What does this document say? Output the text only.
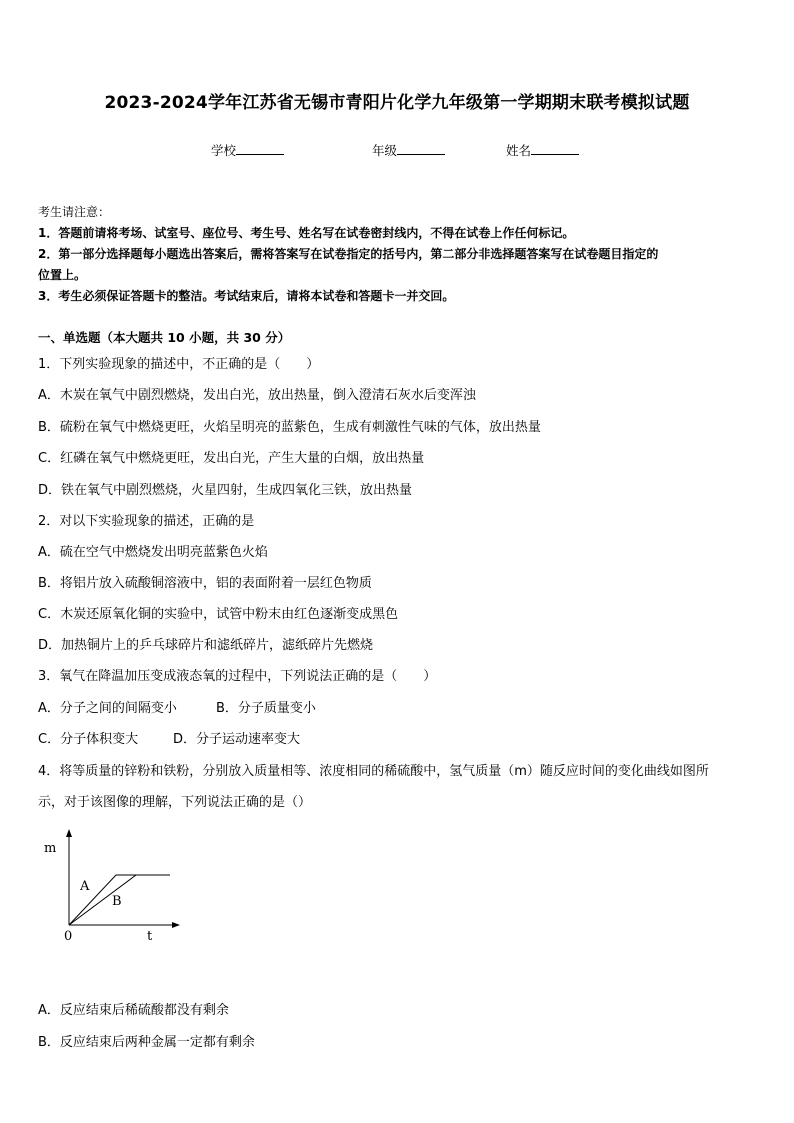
2023-2024学年江苏省无锡市青阳片化学九年级第一学期期末联考模拟试题
学校	年级	姓名
考生请注意：
1．答题前请将考场、试室号、座位号、考生号、姓名写在试卷密封线内，不得在试卷上作任何标记。
2．第一部分选择题每小题选出答案后，需将答案写在试卷指定的括号内，第二部分非选择题答案写在试卷题目指定的
位置上。
3．考生必须保证答题卡的整洁。考试结束后，请将本试卷和答题卡一并交回。
一、单选题（本大题共 10 小题，共 30 分）
1．下列实验现象的描述中，不正确的是（　　）
A．木炭在氧气中剧烈燃烧，发出白光，放出热量，倒入澄清石灰水后变浑浊
B．硫粉在氧气中燃烧更旺，火焰呈明亮的蓝紫色，生成有刺激性气味的气体，放出热量
C．红磷在氧气中燃烧更旺，发出白光，产生大量的白烟，放出热量
D．铁在氧气中剧烈燃烧，火星四射，生成四氧化三铁，放出热量
2．对以下实验现象的描述，正确的是
A．硫在空气中燃烧发出明亮蓝紫色火焰
B．将铝片放入硫酸铜溶液中，铝的表面附着一层红色物质
C．木炭还原氧化铜的实验中，试管中粉末由红色逐渐变成黑色
D．加热铜片上的乒乓球碎片和滤纸碎片，滤纸碎片先燃烧
3．氧气在降温加压变成液态氧的过程中，下列说法正确的是（　　）
A．分子之间的间隔变小	B．分子质量变小
C．分子体积变大	D．分子运动速率变大
4．将等质量的锌粉和铁粉，分别放入质量相等、浓度相同的稀硫酸中，氢气质量（m）随反应时间的变化曲线如图所
示，对于该图像的理解，下列说法正确的是（）
m
t
0
A
B
A．反应结束后稀硫酸都没有剩余
B．反应结束后两种金属一定都有剩余
